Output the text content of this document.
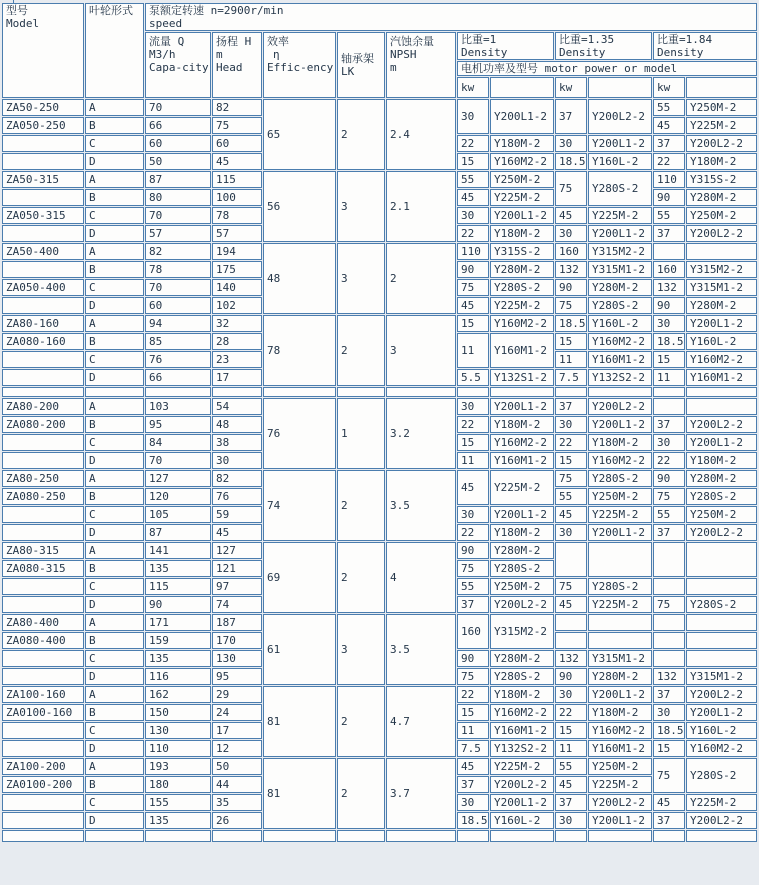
型号
Model
	叶轮形式	泵额定转速 n=2900r/min
speed

流量 Q
M3/h
Capa-city

扬程 H
m
Head

效率
η
Effic-ency

轴承架
LK

汽蚀余量
NPSH
m

比重=1
Density

比重=1.35
Density

比重=1.84
Density

							电机功率及型号 motor power or model					
							kw		kw		kw	
ZA50-250	A	70	82	65	2	2.4	30	Y200L1-2	37	Y200L2-2	55	Y250M-2
ZA050-250	B	66	75								45	Y225M-2
	C	60	60				22	Y180M-2	30	Y200L1-2	37	Y200L2-2
	D	50	45				15	Y160M2-2	18.5	Y160L-2	22	Y180M-2
ZA50-315	A	87	115	56	3	2.1	55	Y250M-2	75	Y280S-2	110	Y315S-2
	B	80	100				45	Y225M-2			90	Y280M-2
ZA050-315	C	70	78				30	Y200L1-2	45	Y225M-2	55	Y250M-2
	D	57	57				22	Y180M-2	30	Y200L1-2	37	Y200L2-2
ZA50-400	A	82	194	48	3	2	110	Y315S-2	160	Y315M2-2		
	B	78	175				90	Y280M-2	132	Y315M1-2	160	Y315M2-2
ZA050-400	C	70	140				75	Y280S-2	90	Y280M-2	132	Y315M1-2
	D	60	102				45	Y225M-2	75	Y280S-2	90	Y280M-2
ZA80-160	A	94	32	78	2	3	15	Y160M2-2	18.5	Y160L-2	30	Y200L1-2
ZA080-160	B	85	28				11	Y160M1-2	15	Y160M2-2	18.5	Y160L-2
	C	76	23						11	Y160M1-2	15	Y160M2-2
	D	66	17				5.5	Y132S1-2	7.5	Y132S2-2	11	Y160M1-2

ZA80-200	A	103	54	76	1	3.2	30	Y200L1-2	37	Y200L2-2		
ZA080-200	B	95	48				22	Y180M-2	30	Y200L1-2	37	Y200L2-2
	C	84	38				15	Y160M2-2	22	Y180M-2	30	Y200L1-2
	D	70	30				11	Y160M1-2	15	Y160M2-2	22	Y180M-2
ZA80-250	A	127	82	74	2	3.5	45	Y225M-2	75	Y280S-2	90	Y280M-2
ZA080-250	B	120	76						55	Y250M-2	75	Y280S-2
	C	105	59				30	Y200L1-2	45	Y225M-2	55	Y250M-2
	D	87	45				22	Y180M-2	30	Y200L1-2	37	Y200L2-2
ZA80-315	A	141	127	69	2	4	90	Y280M-2				
ZA080-315	B	135	121				75	Y280S-2				
	C	115	97				55	Y250M-2	75	Y280S-2		
	D	90	74				37	Y200L2-2	45	Y225M-2	75	Y280S-2
ZA80-400	A	171	187	61	3	3.5	160	Y315M2-2				
ZA080-400	B	159	170									
	C	135	130				90	Y280M-2	132	Y315M1-2		
	D	116	95				75	Y280S-2	90	Y280M-2	132	Y315M1-2
ZA100-160	A	162	29	81	2	4.7	22	Y180M-2	30	Y200L1-2	37	Y200L2-2
ZA0100-160	B	150	24				15	Y160M2-2	22	Y180M-2	30	Y200L1-2
	C	130	17				11	Y160M1-2	15	Y160M2-2	18.5	Y160L-2
	D	110	12				7.5	Y132S2-2	11	Y160M1-2	15	Y160M2-2
ZA100-200	A	193	50	81	2	3.7	45	Y225M-2	55	Y250M-2	75	Y280S-2
ZA0100-200	B	180	44				37	Y200L2-2	45	Y225M-2		
	C	155	35				30	Y200L1-2	37	Y200L2-2	45	Y225M-2
	D	135	26				18.5	Y160L-2	30	Y200L1-2	37	Y200L2-2
